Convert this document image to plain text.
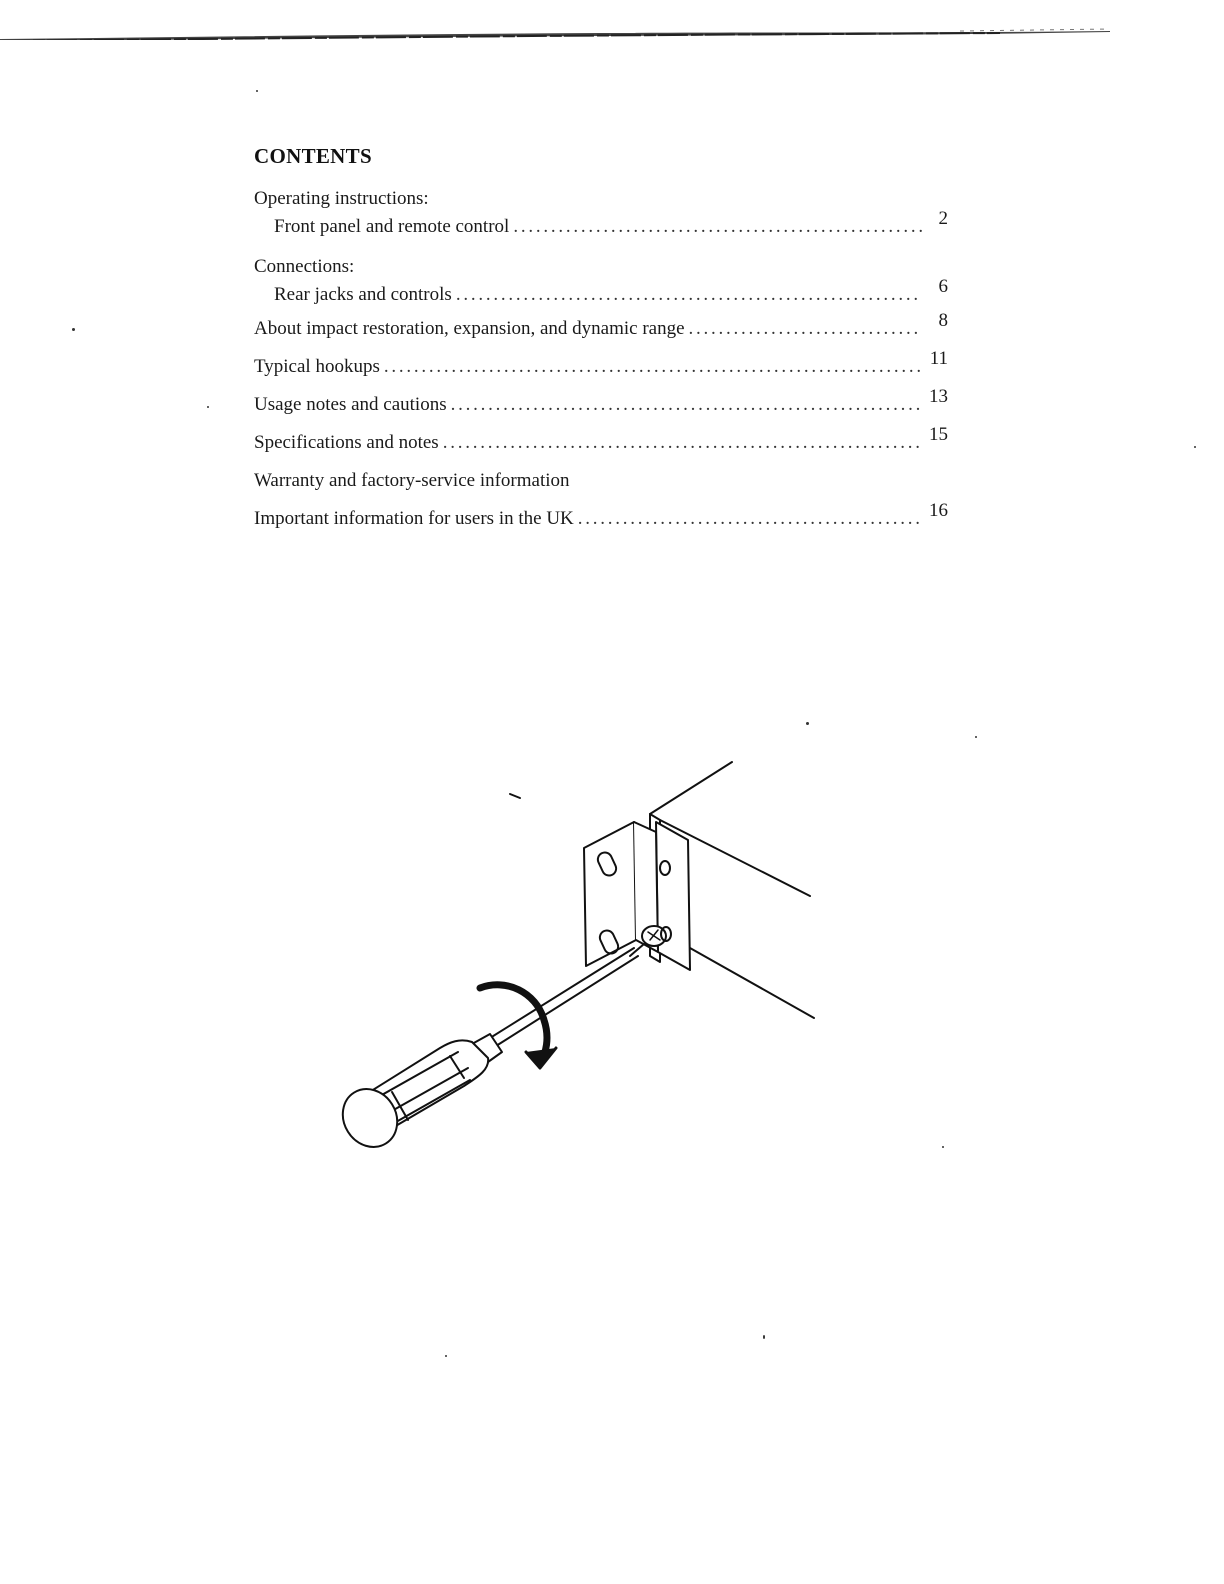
CONTENTS
Operating instructions:
Front panel and remote control . . .	2
Connections:
Rear jacks and controls . . .	6
About impact restoration, expansion, and dynamic range . . .	8
Typical hookups . . .	11
Usage notes and cautions . . .	13
Specifications and notes . . .	15
Warranty and factory-service information
Important information for users in the UK . . .	16
